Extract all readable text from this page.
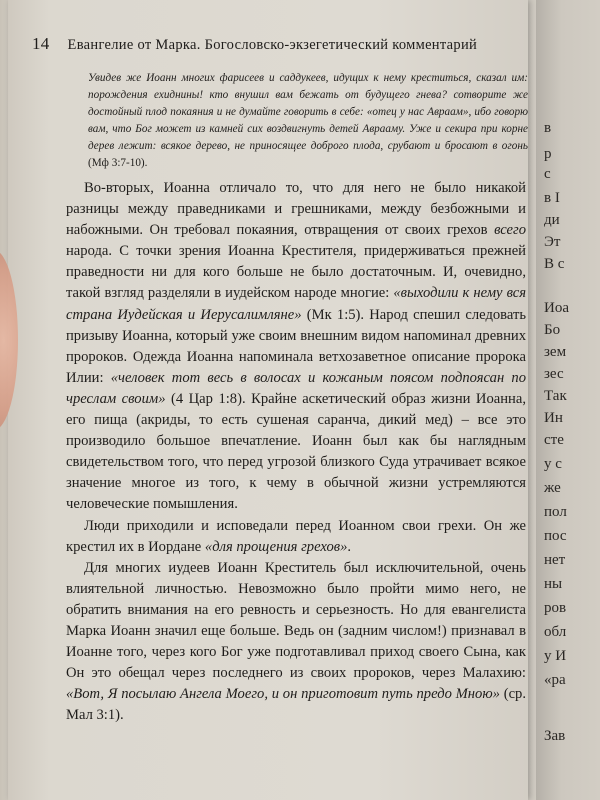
в
р
с
в І
ди
Эт
В с
Иоа
Бо
зем
зес
Так
Ин
сте
у с
же
пол
пос
нет
ны
ров
обл
у И
«ра
Зав
14 Евангелие от Марка. Богословско-экзегетический комментарий
Увидев же Иоанн многих фарисеев и саддукеев, идущих к нему креститься, сказал им: порождения ехиднины! кто внушил вам бежать от будущего гнева? сотворите же достойный плод покаяния и не думайте говорить в себе: «отец у нас Авраам», ибо говорю вам, что Бог может из камней сих воздвигнуть детей Аврааму. Уже и секира при корне дерев лежит: всякое дерево, не приносящее доброго плода, срубают и бросают в огонь (Мф 3:7-10).

Во-вторых, Иоанна отличало то, что для него не было никакой разницы между праведниками и грешниками, между безбожными и набожными. Он требовал покаяния, отвращения от своих грехов всего народа. С точки зрения Иоанна Крестителя, придерживаться прежней праведности ни для кого больше не было достаточным. И, очевидно, такой взгляд разделяли в иудейском народе многие: «выходили к нему вся страна Иудейская и Иерусалимляне» (Мк 1:5). Народ спешил следовать призыву Иоанна, который уже своим внешним видом напоминал древних пророков. Одежда Иоанна напоминала ветхозаветное описание пророка Илии: «человек тот весь в волосах и кожаным поясом подпоясан по чреслам своим» (4 Цар 1:8). Крайне аскетический образ жизни Иоанна, его пища (акриды, то есть сушеная саранча, дикий мед) – все это производило большое впечатление. Иоанн был как бы наглядным свидетельством того, что перед угрозой близкого Суда утрачивает всякое значение многое из того, к чему в обычной жизни устремляются человеческие помышления.

Люди приходили и исповедали перед Иоанном свои грехи. Он же крестил их в Иордане «для прощения грехов».

Для многих иудеев Иоанн Креститель был исключительной, очень влиятельной личностью. Невозможно было пройти мимо него, не обратить внимания на его ревность и серьезность. Но для евангелиста Марка Иоанн значил еще больше. Ведь он (задним числом!) признавал в Иоанне того, через кого Бог уже подготавливал приход своего Сына, как Он это обещал через последнего из своих пророков, через Малахию: «Вот, Я посылаю Ангела Моего, и он приготовит путь предо Мною» (ср. Мал 3:1).
